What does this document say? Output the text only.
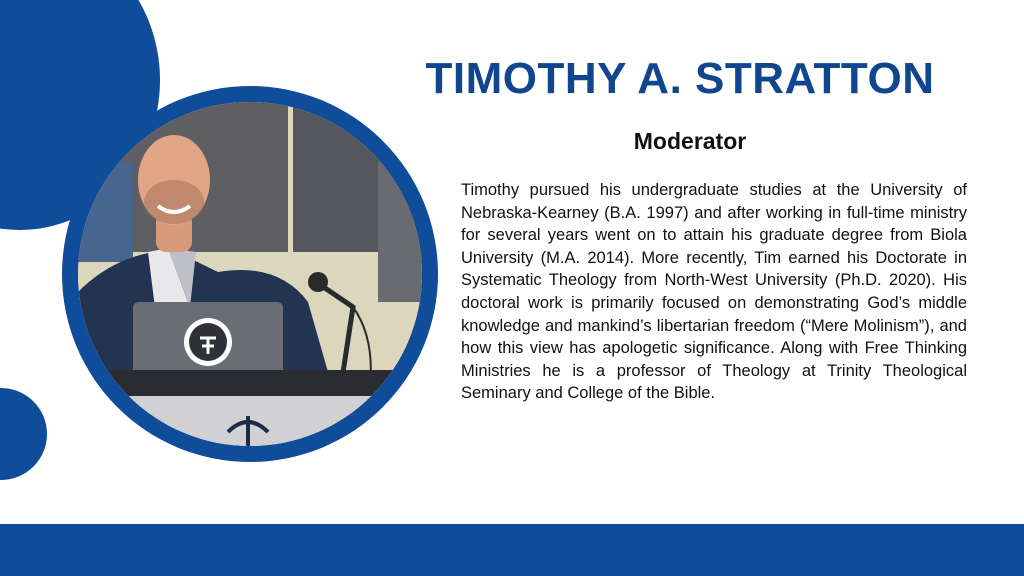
TIMOTHY A. STRATTON
Moderator

Timothy pursued his undergraduate studies at the University of Nebraska-Kearney (B.A. 1997) and after working in full-time ministry for several years went on to attain his graduate degree from Biola University (M.A. 2014). More recently, Tim earned his Doctorate in Systematic Theology from North-West University (Ph.D. 2020). His doctoral work is primarily focused on demonstrating God’s middle knowledge and mankind’s libertarian freedom (“Mere Molinism”), and how this view has apologetic significance. Along with Free Thinking Ministries he is a professor of Theology at Trinity Theological Seminary and College of the Bible.
